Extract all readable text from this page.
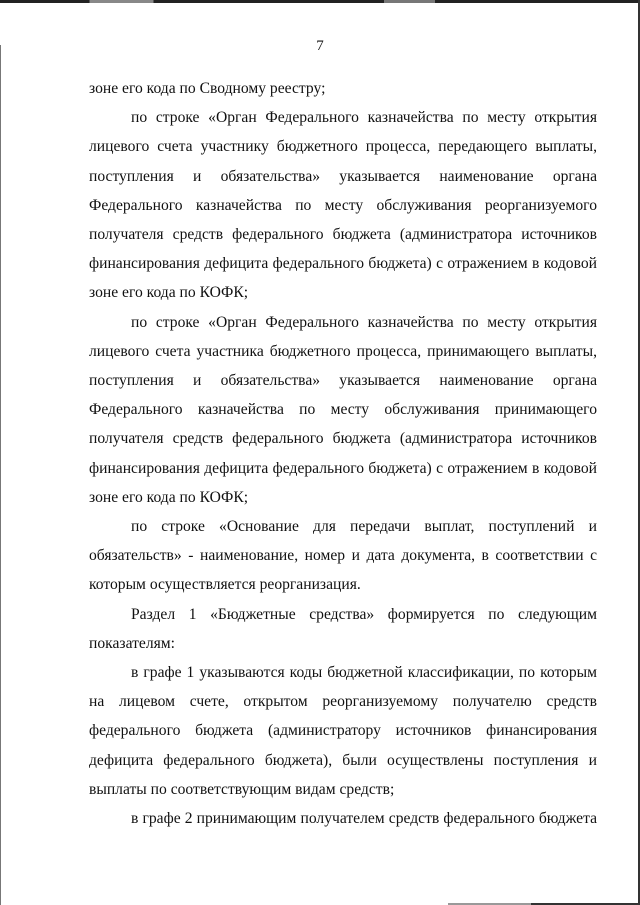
7

зоне его кода по Сводному реестру;

по строке «Орган Федерального казначейства по месту открытия лицевого счета участнику бюджетного процесса, передающего выплаты, поступления и обязательства» указывается наименование органа Федерального казначейства по месту обслуживания реорганизуемого получателя средств федерального бюджета (администратора источников финансирования дефицита федерального бюджета) с отражением в кодовой зоне его кода по КОФК;

по строке «Орган Федерального казначейства по месту открытия лицевого счета участника бюджетного процесса, принимающего выплаты, поступления и обязательства» указывается наименование органа Федерального казначейства по месту обслуживания принимающего получателя средств федерального бюджета (администратора источников финансирования дефицита федерального бюджета) с отражением в кодовой зоне его кода по КОФК;

по строке «Основание для передачи выплат, поступлений и обязательств» - наименование, номер и дата документа, в соответствии с которым осуществляется реорганизация.

Раздел 1 «Бюджетные средства» формируется по следующим показателям:

в графе 1 указываются коды бюджетной классификации, по которым на лицевом счете, открытом реорганизуемому получателю средств федерального бюджета (администратору источников финансирования дефицита федерального бюджета), были осуществлены поступления и выплаты по соответствующим видам средств;

в графе 2 принимающим получателем средств федерального бюджета
